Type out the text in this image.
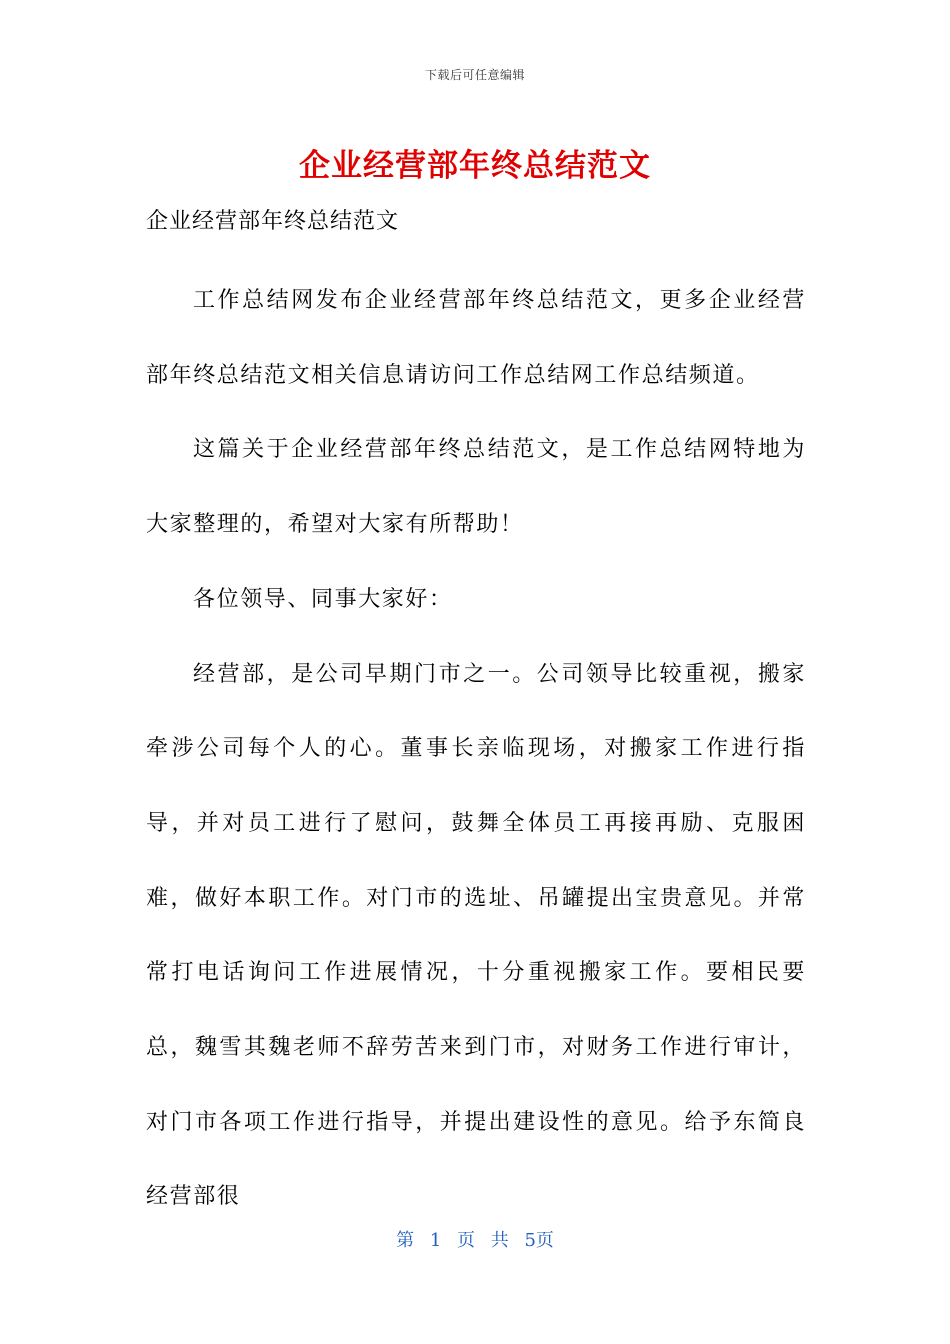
下载后可任意编辑
企业经营部年终总结范文
企业经营部年终总结范文

工作总结网发布企业经营部年终总结范文，更多企业经营部年终总结范文相关信息请访问工作总结网工作总结频道。

这篇关于企业经营部年终总结范文，是工作总结网特地为大家整理的，希望对大家有所帮助！

各位领导、同事大家好：

经营部，是公司早期门市之一。公司领导比较重视，搬家牵涉公司每个人的心。董事长亲临现场，对搬家工作进行指导，并对员工进行了慰问，鼓舞全体员工再接再励、克服困难，做好本职工作。对门市的选址、吊罐提出宝贵意见。并常常打电话询问工作进展情况，十分重视搬家工作。要相民要总，魏雪其魏老师不辞劳苦来到门市，对财务工作进行审计，对门市各项工作进行指导，并提出建设性的意见。给予东简良经营部很

第 1 页 共 5页
